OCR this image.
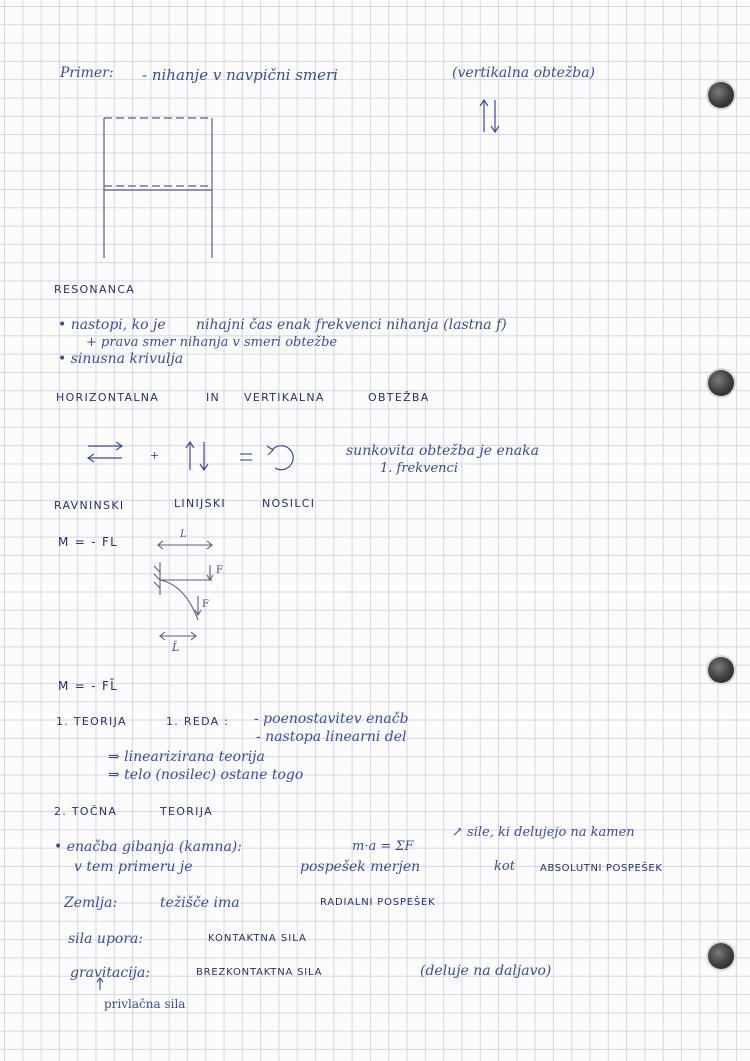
Primer: - nihanje v navpični smeri	(vertikalna obtežba)
RESONANCA
• nastopi, ko je nihajni čas enak frekvenci nihanja (lastna f)
+ prava smer nihanja v smeri obtežbe
• sinusna krivulja
HORIZONTALNA	IN VERTIKALNA	OBTEŽBA
+	sunkovita obtežba je enaka
1. frekvenci
RAVNINSKI	LINIJSKI	NOSILCI
M = - FL
L
F
F
L̄
M = - FL̄
1. TEORIJA	1. REDA : - poenostavitev enačb
- nastopa linearni del
⇒ linearizirana teorija
⇒ telo (nosilec) ostane togo
2. TOČNA	TEORIJA
↗ sile, ki delujejo na kamen
• enačba gibanja (kamna):	m·a = ΣF
v tem primeru je	pospešek merjen	kot	ABSOLUTNI POSPEŠEK
Zemlja:	težišče ima	RADIALNI POSPEŠEK
sila upora:	KONTAKTNA SILA
gravitacija:	BREZKONTAKTNA SILA	(deluje na daljavo)
privlačna sila
